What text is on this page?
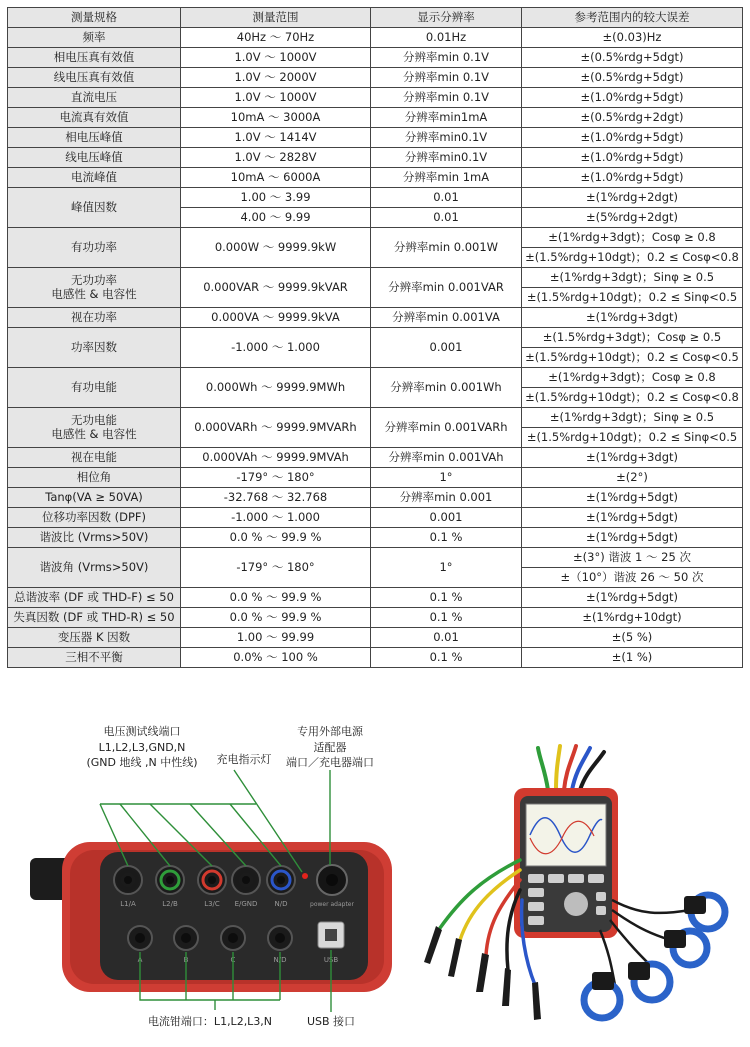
测量规格	测量范围	显示分辨率	参考范围内的较大误差
频率	40Hz ～ 70Hz	0.01Hz	±(0.03)Hz
相电压真有效值	1.0V ～ 1000V	分辨率min 0.1V	±(0.5%rdg+5dgt)
线电压真有效值	1.0V ～ 2000V	分辨率min 0.1V	±(0.5%rdg+5dgt)
直流电压	1.0V ～ 1000V	分辨率min 0.1V	±(1.0%rdg+5dgt)
电流真有效值	10mA ～ 3000A	分辨率min1mA	±(0.5%rdg+2dgt)
相电压峰值	1.0V ～ 1414V	分辨率min0.1V	±(1.0%rdg+5dgt)
线电压峰值	1.0V ～ 2828V	分辨率min0.1V	±(1.0%rdg+5dgt)
电流峰值	10mA ～ 6000A	分辨率min 1mA	±(1.0%rdg+5dgt)
峰值因数	1.00 ～ 3.99	0.01	±(1%rdg+2dgt)
	4.00 ～ 9.99	0.01	±(5%rdg+2dgt)
有功功率	0.000W ～ 9999.9kW	分辨率min 0.001W	±(1%rdg+3dgt)；Cosφ ≥ 0.8
			±(1.5%rdg+10dgt)；0.2 ≤ Cosφ<0.8
无功功率
电感性 & 电容性	0.000VAR ～ 9999.9kVAR	分辨率min 0.001VAR	±(1%rdg+3dgt)；Sinφ ≥ 0.5
			±(1.5%rdg+10dgt)；0.2 ≤ Sinφ<0.5
视在功率	0.000VA ～ 9999.9kVA	分辨率min 0.001VA	±(1%rdg+3dgt)
功率因数	-1.000 ～ 1.000	0.001	±(1.5%rdg+3dgt)；Cosφ ≥ 0.5
			±(1.5%rdg+10dgt)；0.2 ≤ Cosφ<0.5
有功电能	0.000Wh ～ 9999.9MWh	分辨率min 0.001Wh	±(1%rdg+3dgt)；Cosφ ≥ 0.8
			±(1.5%rdg+10dgt)；0.2 ≤ Cosφ<0.8
无功电能
电感性 & 电容性	0.000VARh ～ 9999.9MVARh	分辨率min 0.001VARh	±(1%rdg+3dgt)；Sinφ ≥ 0.5
			±(1.5%rdg+10dgt)；0.2 ≤ Sinφ<0.5
视在电能	0.000VAh ～ 9999.9MVAh	分辨率min 0.001VAh	±(1%rdg+3dgt)
相位角	-179° ～ 180°	1°	±(2°)
Tanφ(VA ≥ 50VA)	-32.768 ～ 32.768	分辨率min 0.001	±(1%rdg+5dgt)
位移功率因数 (DPF)	-1.000 ～ 1.000	0.001	±(1%rdg+5dgt)
谐波比 (Vrms>50V)	0.0 % ～ 99.9 %	0.1 %	±(1%rdg+5dgt)
谐波角 (Vrms>50V)	-179° ～ 180°	1°	±(3°) 谐波 1 ～ 25 次
			±（10°）谐波 26 ～ 50 次
总谐波率 (DF 或 THD-F) ≤ 50	0.0 % ～ 99.9 %	0.1 %	±(1%rdg+5dgt)
失真因数 (DF 或 THD-R) ≤ 50	0.0 % ～ 99.9 %	0.1 %	±(1%rdg+10dgt)
变压器 K 因数	1.00 ～ 99.99	0.01	±(5 %)
三相不平衡	0.0% ～ 100 %	0.1 %	±(1 %)
L1/A	L2/B	L3/C E/GND N/D	power adapter
A	B	C	N/D	USB
电压测试线端口
L1,L2,L3,GND,N
(GND 地线 ,N 中性线) 充电指示灯
专用外部电源
适配器
端口／充电器端口
电流钳端口：L1,L2,L3,N	USB 接口
